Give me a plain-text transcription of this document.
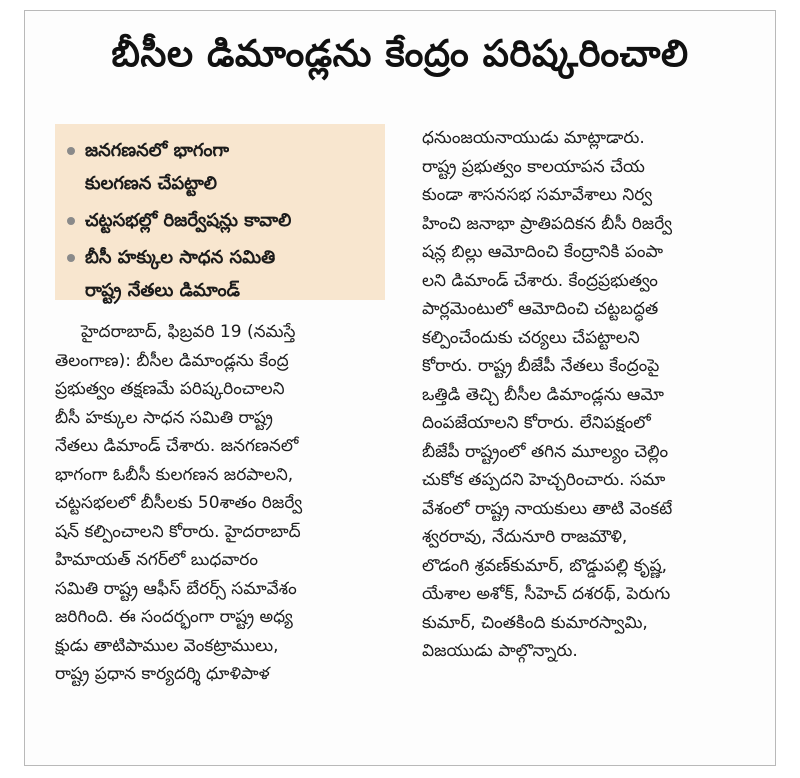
బీసీల డిమాండ్లను కేంద్రం పరిష్కరించాలి
జనగణనలో భాగంగా
కులగణన చేపట్టాలి
చట్టసభల్లో రిజర్వేషన్లు కావాలి
బీసీ హక్కుల సాధన సమితి
రాష్ట్ర నేతలు డిమాండ్
హైదరాబాద్, ఫిబ్రవరి 19 (నమస్తే
తెలంగాణ): బీసీల డిమాండ్లను కేంద్ర
ప్రభుత్వం తక్షణమే పరిష్కరించాలని
బీసీ హక్కుల సాధన సమితి రాష్ట్ర
నేతలు డిమాండ్ చేశారు. జనగణనలో
భాగంగా ఓబీసీ కులగణన జరపాలని,
చట్టసభలలో బీసీలకు 50శాతం రిజర్వే
షన్ కల్పించాలని కోరారు. హైదరాబాద్
హిమాయత్ నగర్‌లో బుధవారం
సమితి రాష్ట్ర ఆఫీస్ బేరర్స్ సమావేశం
జరిగింది. ఈ సందర్భంగా రాష్ట్ర అధ్య
క్షుడు తాటిపాముల వెంకట్రాములు,
రాష్ట్ర ప్రధాన కార్యదర్శి ధూళిపాళ
ధనుంజయనాయుడు మాట్లాడారు.
రాష్ట్ర ప్రభుత్వం కాలయాపన చేయ
కుండా శాసనసభ సమావేశాలు నిర్వ
హించి జనాభా ప్రాతిపదికన బీసీ రిజర్వే
షన్ల బిల్లు ఆమోదించి కేంద్రానికి పంపా
లని డిమాండ్ చేశారు. కేంద్రప్రభుత్వం
పార్లమెంటులో ఆమోదించి చట్టబద్ధత
కల్పించేందుకు చర్యలు చేపట్టాలని
కోరారు. రాష్ట్ర బీజేపీ నేతలు కేంద్రంపై
ఒత్తిడి తెచ్చి బీసీల డిమాండ్లను ఆమో
దింపజేయాలని కోరారు. లేనిపక్షంలో
బీజేపీ రాష్ట్రంలో తగిన మూల్యం చెల్లిం
చుకోక తప్పదని హెచ్చరించారు. సమా
వేశంలో రాష్ట్ర నాయకులు తాటి వెంకటే
శ్వరరావు, నేదునూరి రాజమౌళి,
లొడంగి శ్రవణ్‌కుమార్, బొడ్డుపల్లి కృష్ణ,
యేశాల అశోక్, సీహెచ్ దశరథ్, పెరుగు
కుమార్, చింతకింది కుమారస్వామి,
విజయుడు పాల్గొన్నారు.
